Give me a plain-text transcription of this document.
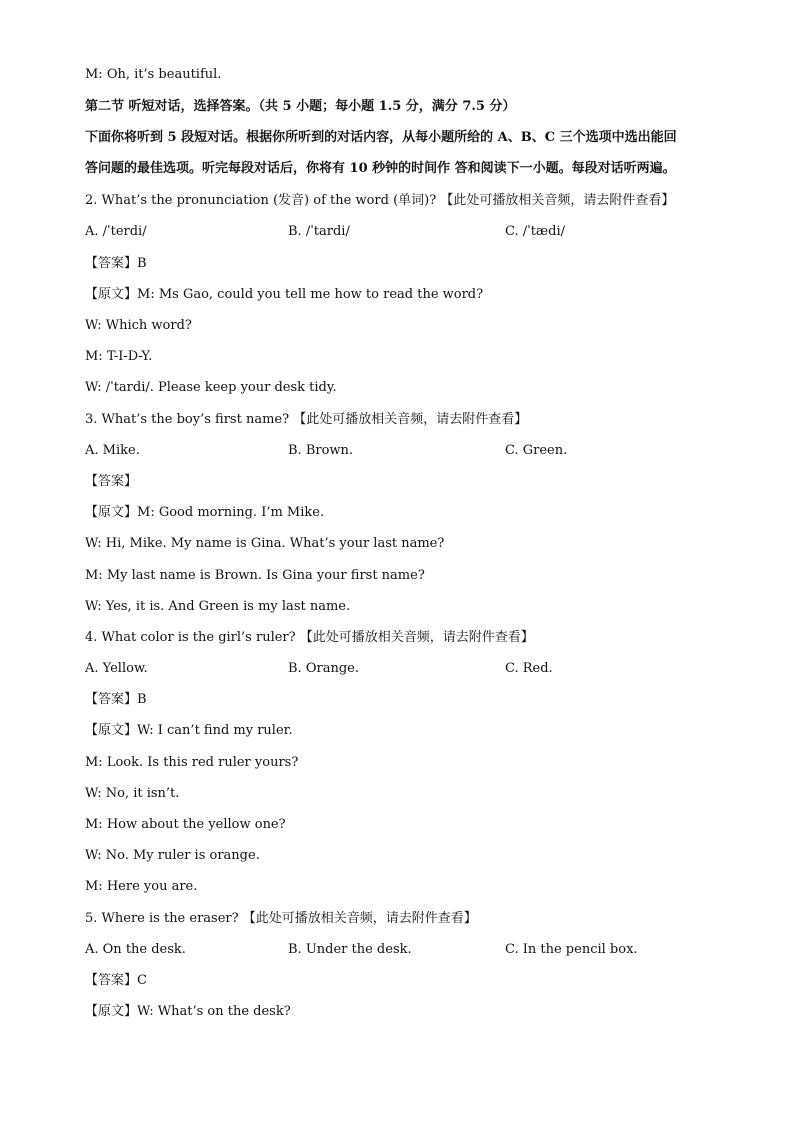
M: Oh, it’s beautiful.
第二节 听短对话，选择答案。（共 5 小题；每小题 1.5 分，满分 7.5 分）
下面你将听到 5 段短对话。根据你所听到的对话内容，从每小题所给的 A、B、C 三个选项中选出能回
答问题的最佳选项。听完每段对话后，你将有 10 秒钟的时间作 答和阅读下一小题。每段对话听两遍。
2. What’s the pronunciation (发音) of the word (单词)? 【此处可播放相关音频，请去附件查看】
A. /ˈterdi/	B. /ˈtardi/	C. /ˈtædi/
【答案】B
【原文】M: Ms Gao, could you tell me how to read the word?
W: Which word?
M: T-I-D-Y.
W: /ˈtardi/. Please keep your desk tidy.
3. What’s the boy’s first name? 【此处可播放相关音频，请去附件查看】
A. Mike.	B. Brown.	C. Green.
【答案】
【原文】M: Good morning. I’m Mike.
W: Hi, Mike. My name is Gina. What’s your last name?
M: My last name is Brown. Is Gina your first name?
W: Yes, it is. And Green is my last name.
4. What color is the girl’s ruler? 【此处可播放相关音频，请去附件查看】
A. Yellow.	B. Orange.	C. Red.
【答案】B
【原文】W: I can’t find my ruler.
M: Look. Is this red ruler yours?
W: No, it isn’t.
M: How about the yellow one?
W: No. My ruler is orange.
M: Here you are.
5. Where is the eraser? 【此处可播放相关音频，请去附件查看】
A. On the desk.	B. Under the desk.	C. In the pencil box.
【答案】C
【原文】W: What’s on the desk?
